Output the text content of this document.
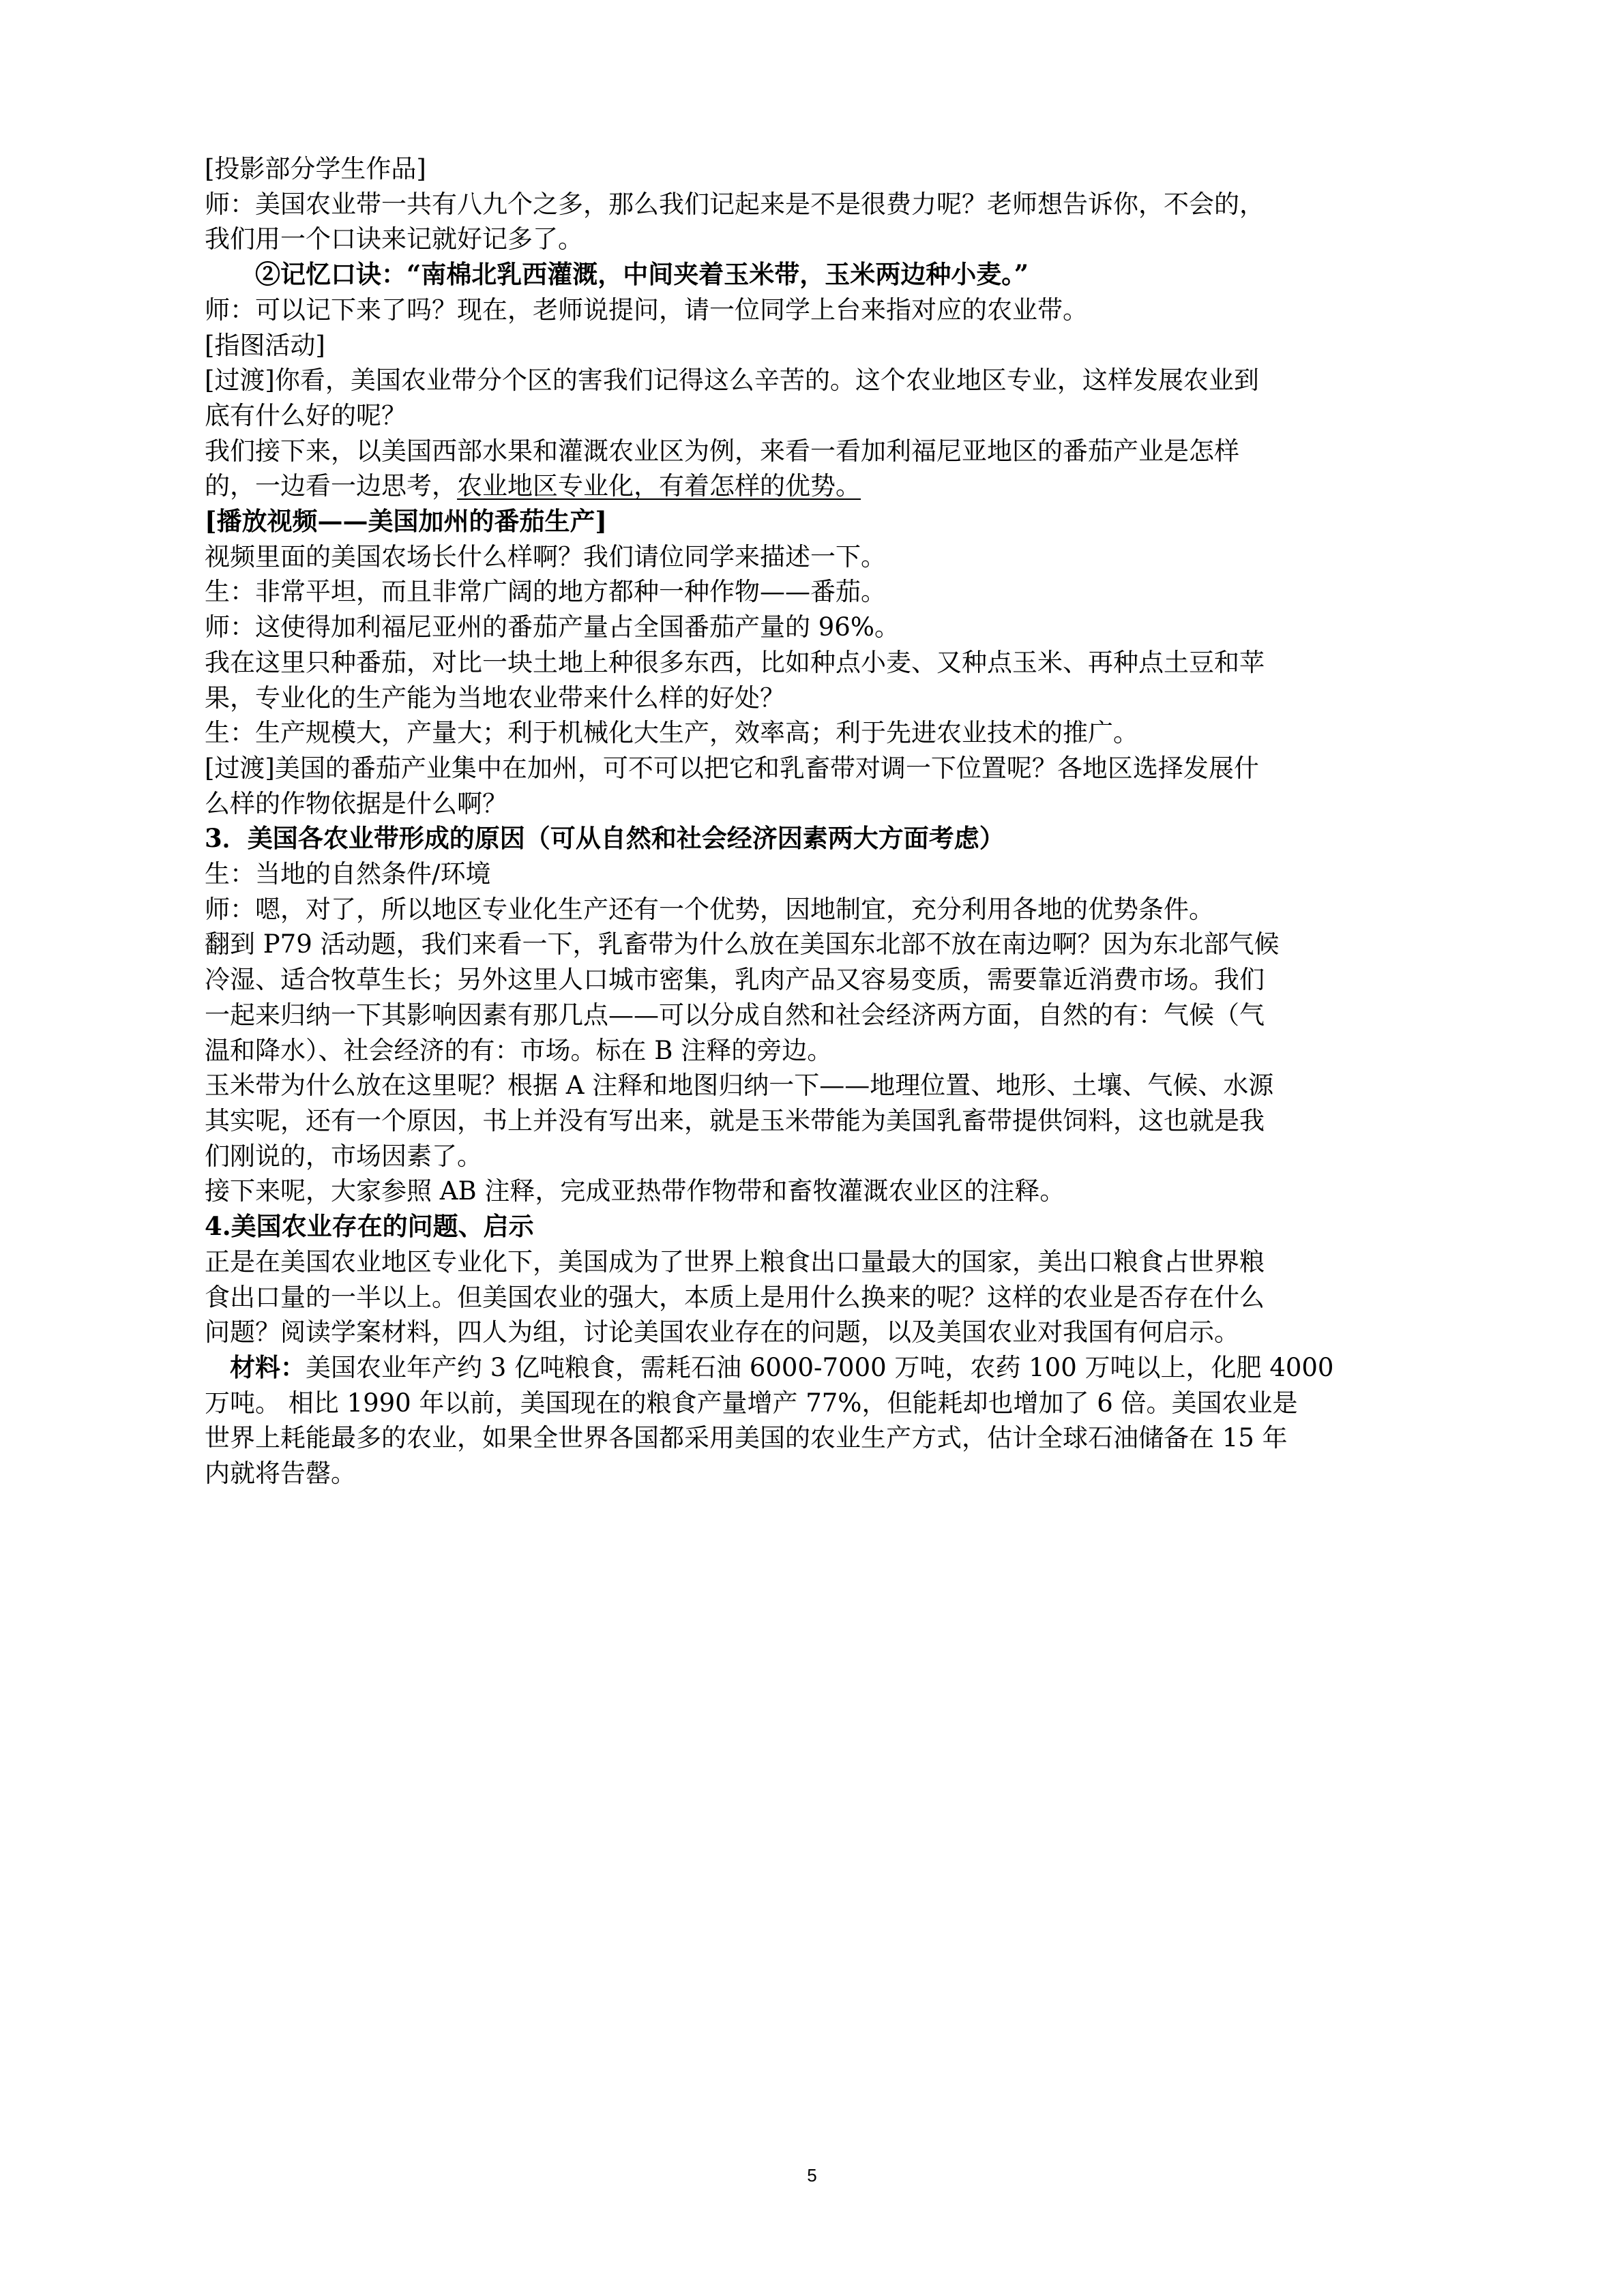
[投影部分学生作品]

师：美国农业带一共有八九个之多，那么我们记起来是不是很费力呢？老师想告诉你，不会的，

我们用一个口诀来记就好记多了。

②记忆口诀：“南棉北乳西灌溉，中间夹着玉米带，玉米两边种小麦。”

师：可以记下来了吗？现在，老师说提问，请一位同学上台来指对应的农业带。

[指图活动]

[过渡]你看，美国农业带分个区的害我们记得这么辛苦的。这个农业地区专业，这样发展农业到

底有什么好的呢？

我们接下来，以美国西部水果和灌溉农业区为例，来看一看加利福尼亚地区的番茄产业是怎样

的，一边看一边思考，农业地区专业化，有着怎样的优势。

[播放视频——美国加州的番茄生产]

视频里面的美国农场长什么样啊？我们请位同学来描述一下。

生：非常平坦，而且非常广阔的地方都种一种作物——番茄。

师：这使得加利福尼亚州的番茄产量占全国番茄产量的 96%。

我在这里只种番茄，对比一块土地上种很多东西，比如种点小麦、又种点玉米、再种点土豆和苹

果，专业化的生产能为当地农业带来什么样的好处？

生：生产规模大，产量大；利于机械化大生产，效率高；利于先进农业技术的推广。

[过渡]美国的番茄产业集中在加州，可不可以把它和乳畜带对调一下位置呢？各地区选择发展什

么样的作物依据是什么啊？

3．美国各农业带形成的原因（可从自然和社会经济因素两大方面考虑）

生：当地的自然条件/环境

师：嗯，对了，所以地区专业化生产还有一个优势，因地制宜，充分利用各地的优势条件。

翻到 P79 活动题，我们来看一下，乳畜带为什么放在美国东北部不放在南边啊？因为东北部气候

冷湿、适合牧草生长；另外这里人口城市密集，乳肉产品又容易变质，需要靠近消费市场。我们

一起来归纳一下其影响因素有那几点——可以分成自然和社会经济两方面，自然的有：气候（气

温和降水）、社会经济的有：市场。标在 B 注释的旁边。

玉米带为什么放在这里呢？根据 A 注释和地图归纳一下——地理位置、地形、土壤、气候、水源

其实呢，还有一个原因，书上并没有写出来，就是玉米带能为美国乳畜带提供饲料，这也就是我

们刚说的，市场因素了。

接下来呢，大家参照 AB 注释，完成亚热带作物带和畜牧灌溉农业区的注释。

4.美国农业存在的问题、启示

正是在美国农业地区专业化下，美国成为了世界上粮食出口量最大的国家，美出口粮食占世界粮

食出口量的一半以上。但美国农业的强大，本质上是用什么换来的呢？这样的农业是否存在什么

问题？阅读学案材料，四人为组，讨论美国农业存在的问题，以及美国农业对我国有何启示。

材料：美国农业年产约 3 亿吨粮食，需耗石油 6000-7000 万吨，农药 100 万吨以上，化肥 4000

万吨。 相比 1990 年以前，美国现在的粮食产量增产 77%，但能耗却也增加了 6 倍。美国农业是

世界上耗能最多的农业，如果全世界各国都采用美国的农业生产方式，估计全球石油储备在 15 年

内就将告罄。

5
